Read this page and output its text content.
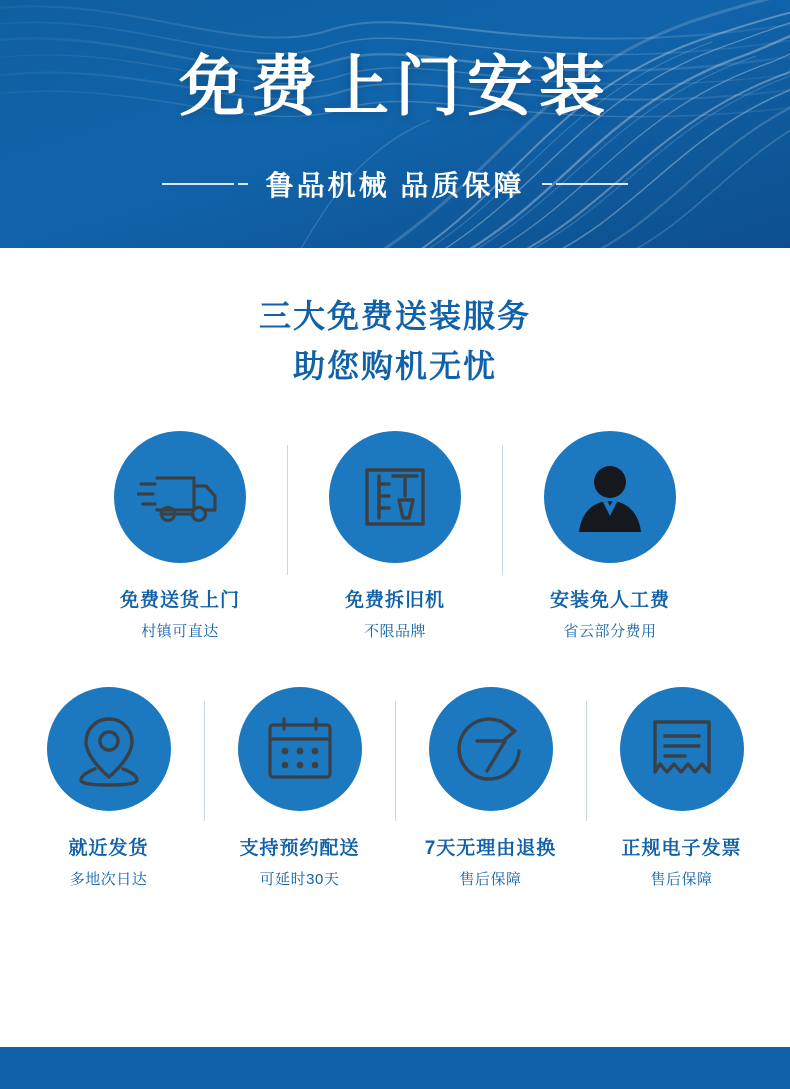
免费上门安装
鲁品机械 品质保障
三大免费送装服务
助您购机无忧
免费送货上门
村镇可直达
免费拆旧机
不限品牌
安装免人工费
省云部分费用
就近发货
多地次日达
支持预约配送
可延时30天
7天无理由退换
售后保障
正规电子发票
售后保障
